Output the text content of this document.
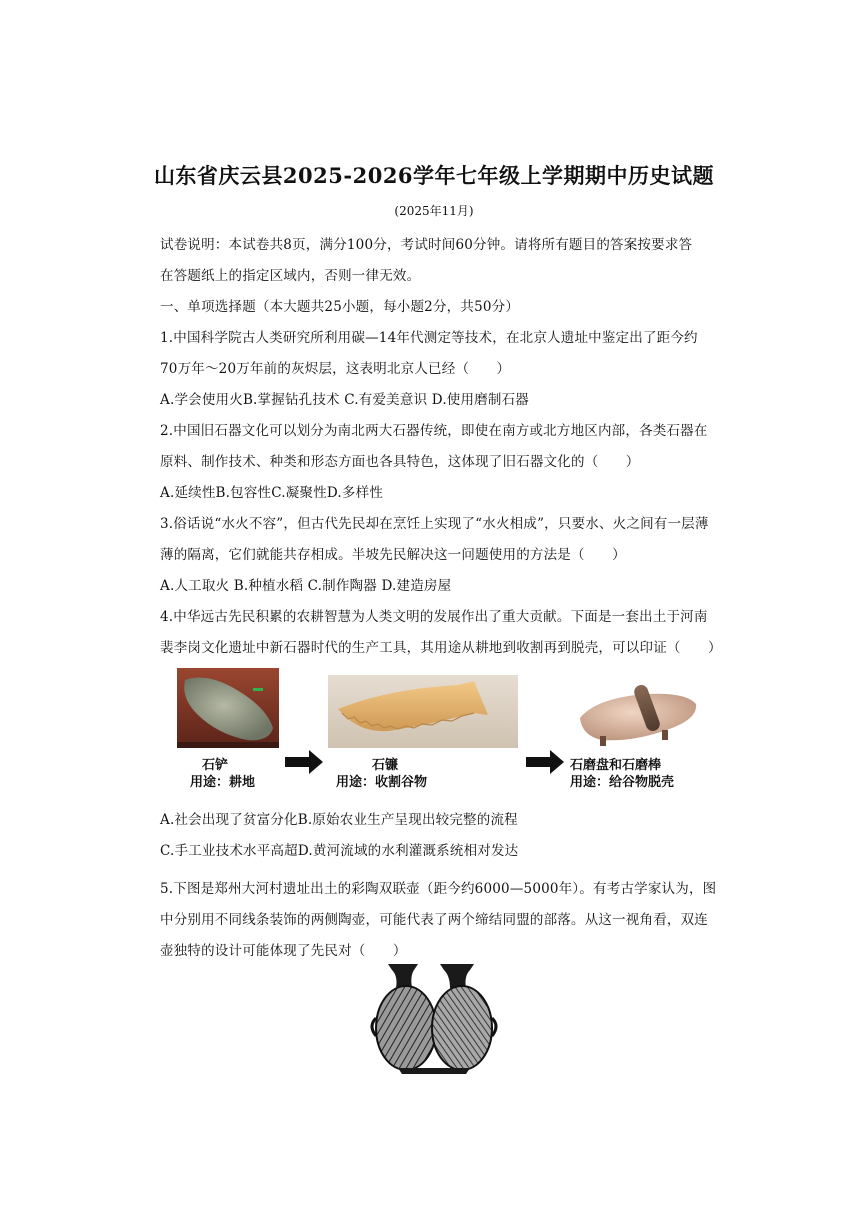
山东省庆云县2025-2026学年七年级上学期期中历史试题
(2025年11月)
试卷说明：本试卷共8页，满分100分，考试时间60分钟。请将所有题目的答案按要求答
在答题纸上的指定区域内，否则一律无效。
一、单项选择题（本大题共25小题，每小题2分，共50分）
1.中国科学院古人类研究所利用碳—14年代测定等技术，在北京人遗址中鉴定出了距今约
70万年～20万年前的灰烬层，这表明北京人已经（　　）
A.学会使用火B.掌握钻孔技术 C.有爱美意识 D.使用磨制石器
2.中国旧石器文化可以划分为南北两大石器传统，即使在南方或北方地区内部，各类石器在
原料、制作技术、种类和形态方面也各具特色，这体现了旧石器文化的（　　）
A.延续性B.包容性C.凝聚性D.多样性
3.俗话说“水火不容”，但古代先民却在烹饪上实现了“水火相成”，只要水、火之间有一层薄
薄的隔离，它们就能共存相成。半坡先民解决这一问题使用的方法是（　　）
A.人工取火 B.种植水稻 C.制作陶器 D.建造房屋
4.中华远古先民积累的农耕智慧为人类文明的发展作出了重大贡献。下面是一套出土于河南
裴李岗文化遗址中新石器时代的生产工具，其用途从耕地到收割再到脱壳，可以印证（　　）
石铲
用途：耕地
石镰
用途：收割谷物
石磨盘和石磨棒
用途：给谷物脱壳
A.社会出现了贫富分化B.原始农业生产呈现出较完整的流程
C.手工业技术水平高超D.黄河流域的水利灌溉系统相对发达
5.下图是郑州大河村遗址出土的彩陶双联壶（距今约6000—5000年）。有考古学家认为，图
中分别用不同线条装饰的两侧陶壶，可能代表了两个缔结同盟的部落。从这一视角看，双连
壶独特的设计可能体现了先民对（　　）
